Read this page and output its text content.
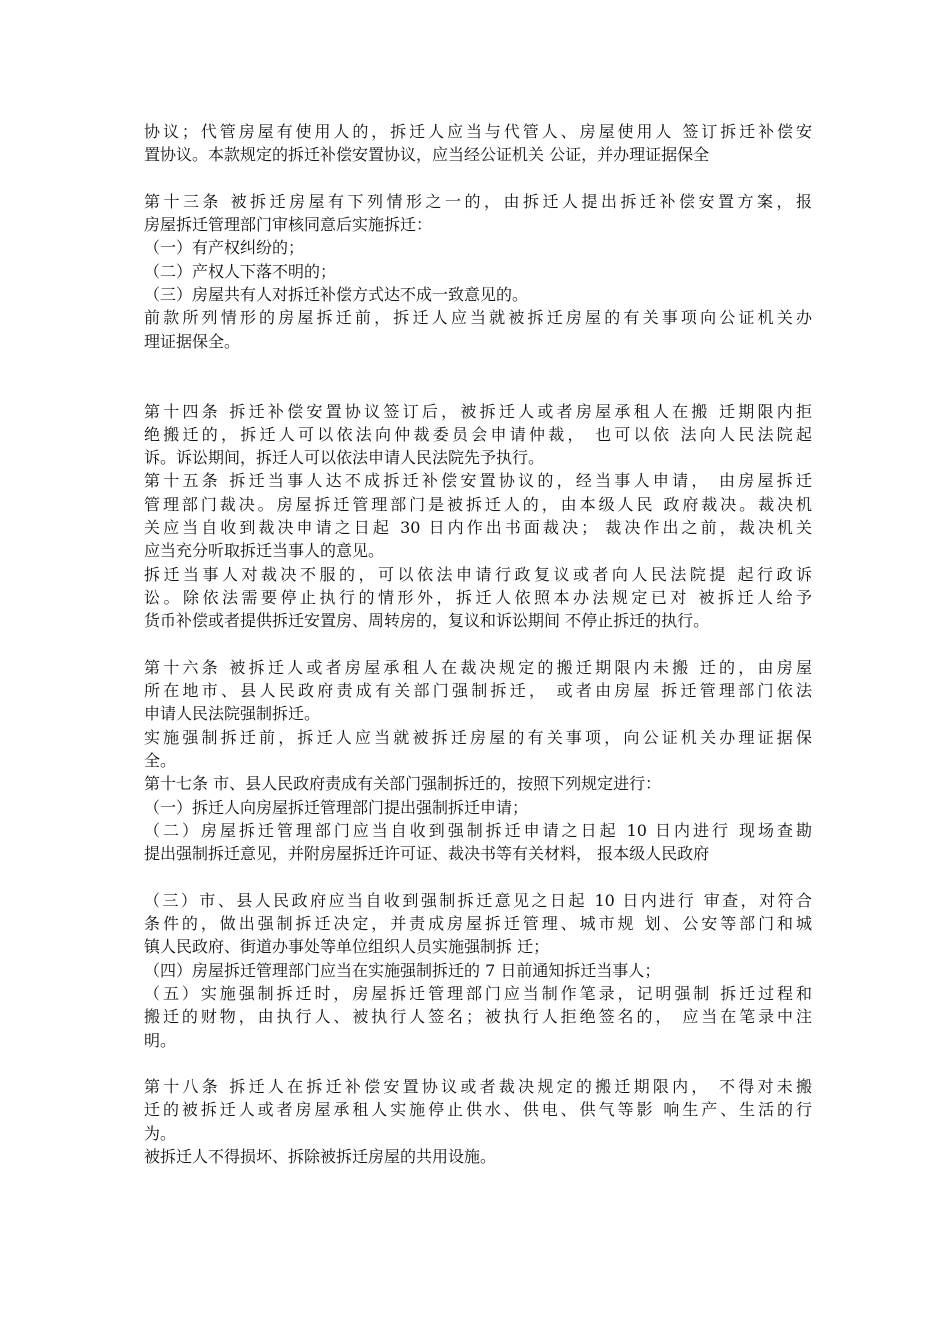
协议；代管房屋有使用人的，拆迁人应当与代管人、房屋使用人 签订拆迁补偿安
置协议。本款规定的拆迁补偿安置协议，应当经公证机关 公证，并办理证据保全
第十三条 被拆迁房屋有下列情形之一的，由拆迁人提出拆迁补偿安置方案，报
房屋拆迁管理部门审核同意后实施拆迁：
（一）有产权纠纷的；
（二）产权人下落不明的；
（三）房屋共有人对拆迁补偿方式达不成一致意见的。
前款所列情形的房屋拆迁前，拆迁人应当就被拆迁房屋的有关事项向公证机关办
理证据保全。
第十四条 拆迁补偿安置协议签订后，被拆迁人或者房屋承租人在搬 迁期限内拒
绝搬迁的，拆迁人可以依法向仲裁委员会申请仲裁， 也可以依 法向人民法院起
诉。诉讼期间，拆迁人可以依法申请人民法院先予执行。
第十五条 拆迁当事人达不成拆迁补偿安置协议的，经当事人申请， 由房屋拆迁
管理部门裁决。房屋拆迁管理部门是被拆迁人的，由本级人民 政府裁决。裁决机
关应当自收到裁决申请之日起 30 日内作出书面裁决； 裁决作出之前，裁决机关
应当充分听取拆迁当事人的意见。
拆迁当事人对裁决不服的，可以依法申请行政复议或者向人民法院提 起行政诉
讼。除依法需要停止执行的情形外，拆迁人依照本办法规定已对 被拆迁人给予
货币补偿或者提供拆迁安置房、周转房的，复议和诉讼期间 不停止拆迁的执行。
第十六条 被拆迁人或者房屋承租人在裁决规定的搬迁期限内未搬 迁的，由房屋
所在地市、县人民政府责成有关部门强制拆迁， 或者由房屋 拆迁管理部门依法
申请人民法院强制拆迁。
实施强制拆迁前，拆迁人应当就被拆迁房屋的有关事项，向公证机关办理证据保
全。
第十七条 市、县人民政府责成有关部门强制拆迁的，按照下列规定进行：
（一）拆迁人向房屋拆迁管理部门提出强制拆迁申请；
（二）房屋拆迁管理部门应当自收到强制拆迁申请之日起 10 日内进行 现场查勘
提出强制拆迁意见，并附房屋拆迁许可证、裁决书等有关材料， 报本级人民政府
（三）市、县人民政府应当自收到强制拆迁意见之日起 10 日内进行 审查，对符合
条件的，做出强制拆迁决定，并责成房屋拆迁管理、城市规 划、公安等部门和城
镇人民政府、街道办事处等单位组织人员实施强制拆 迁；
（四）房屋拆迁管理部门应当在实施强制拆迁的 7 日前通知拆迁当事人；
（五）实施强制拆迁时，房屋拆迁管理部门应当制作笔录，记明强制 拆迁过程和
搬迁的财物，由执行人、被执行人签名；被执行人拒绝签名的， 应当在笔录中注
明。
第十八条 拆迁人在拆迁补偿安置协议或者裁决规定的搬迁期限内， 不得对未搬
迁的被拆迁人或者房屋承租人实施停止供水、供电、供气等影 响生产、生活的行
为。
被拆迁人不得损坏、拆除被拆迁房屋的共用设施。
